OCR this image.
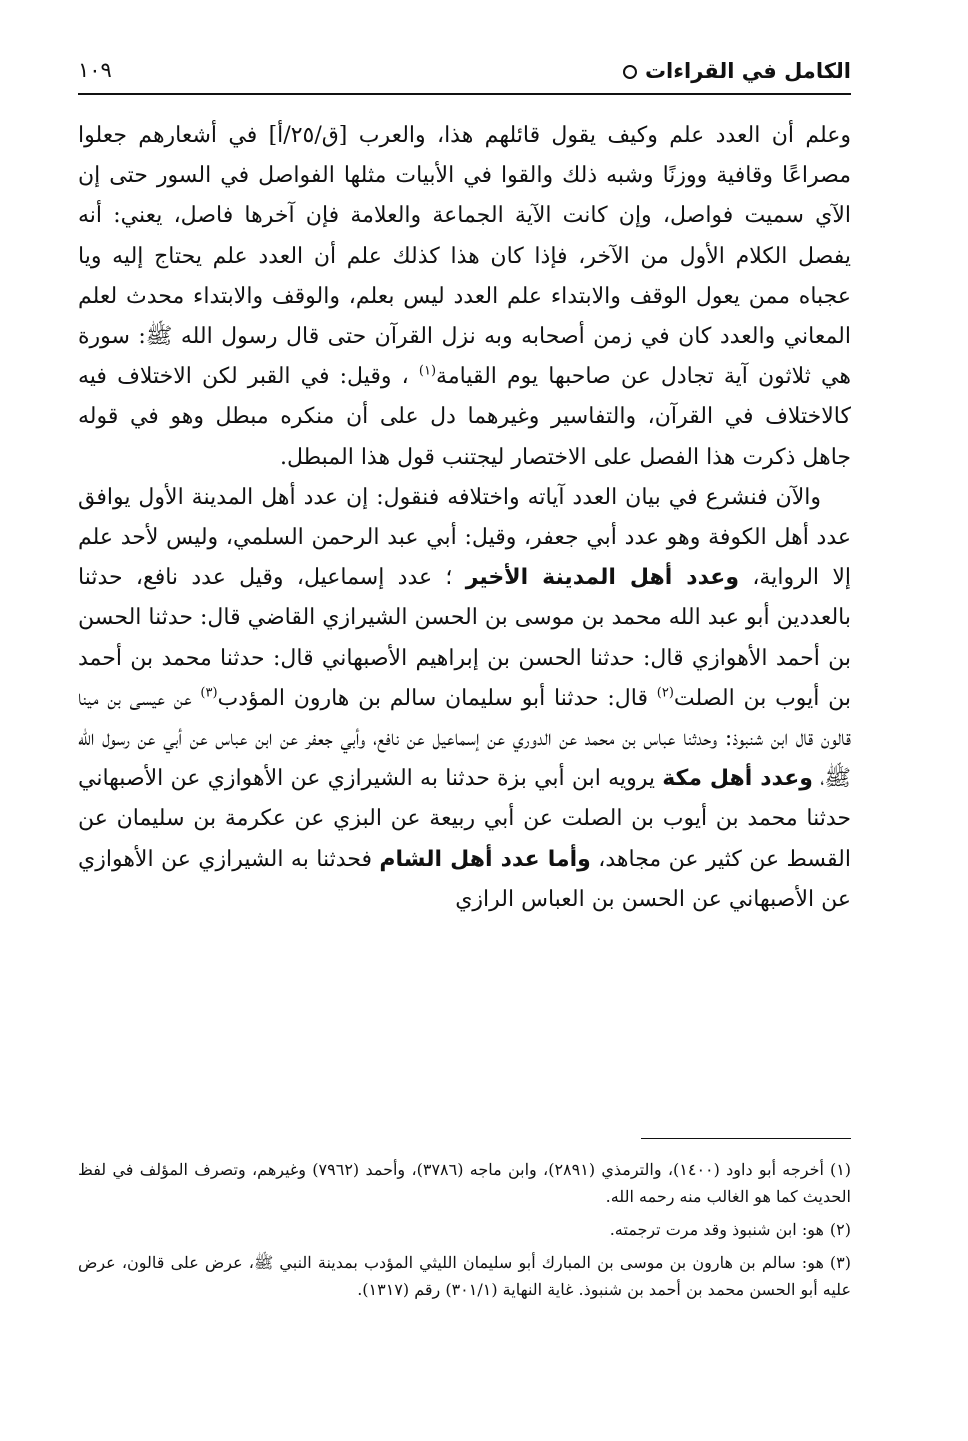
الكامل في القراءات
١٠٩

وعلم أن العدد علم وكيف يقول قائلهم هذا، والعرب [ق/٢٥/أ] في أشعارهم جعلوا مصراعًا وقافية ووزنًا وشبه ذلك والقوا في الأبيات مثلها الفواصل في السور حتى إن الآي سميت فواصل، وإن كانت الآية الجماعة والعلامة فإن آخرها فاصل، يعني: أنه يفصل الكلام الأول من الآخر، فإذا كان هذا كذلك علم أن العدد علم يحتاج إليه ويا عجباه ممن يعول الوقف والابتداء علم العدد ليس بعلم، والوقف والابتداء محدث لعلم المعاني والعدد كان في زمن أصحابه وبه نزل القرآن حتى قال رسول الله ﷺ: سورة هي ثلاثون آية تجادل عن صاحبها يوم القيامة$^{(١)}$ ، وقيل: في القبر لكن الاختلاف فيه كالاختلاف في القرآن، والتفاسير وغيرهما دل على أن منكره مبطل وهو في قوله جاهل ذكرت هذا الفصل على الاختصار ليجتنب قول هذا المبطل.

والآن فنشرع في بيان العدد آياته واختلافه فنقول: إن عدد أهل المدينة الأول يوافق عدد أهل الكوفة وهو عدد أبي جعفر، وقيل: أبي عبد الرحمن السلمي، وليس لأحد علم إلا الرواية، وعدد أهل المدينة الأخير ؛ عدد إسماعيل، وقيل عدد نافع، حدثنا بالعددين أبو عبد الله محمد بن موسى بن الحسن الشيرازي القاضي قال: حدثنا الحسن بن أحمد الأهوازي قال: حدثنا الحسن بن إبراهيم الأصبهاني قال: حدثنا محمد بن أحمد بن أيوب بن الصلت$^{(٢)}$ قال: حدثنا أبو سليمان سالم بن هارون المؤدب$^{(٣)}$ عن عيسى بن مينا قالون قال ابن شنبوذ: وحدثنا عباس بن محمد عن الدوري عن إسماعيل عن نافع، وأبي جعفر عن ابن عباس عن أبي عن رسول الله ﷺ، وعدد أهل مكة يرويه ابن أبي بزة حدثنا به الشيرازي عن الأهوازي عن الأصبهاني حدثنا محمد بن أيوب بن الصلت عن أبي ربيعة عن البزي عن عكرمة بن سليمان عن القسط عن كثير عن مجاهد، وأما عدد أهل الشام فحدثنا به الشيرازي عن الأهوازي عن الأصبهاني عن الحسن بن العباس الرازي

(١)أخرجه أبو داود (١٤٠٠)، والترمذي (٢٨٩١)، وابن ماجه (٣٧٨٦)، وأحمد (٧٩٦٢) وغيرهم، وتصرف المؤلف في لفظ الحديث كما هو الغالب منه رحمه الله.

(٢)هو: ابن شنبوذ وقد مرت ترجمته.

(٣)هو: سالم بن هارون بن موسى بن المبارك أبو سليمان الليثي المؤدب بمدينة النبي ﷺ، عرض على قالون، عرض عليه أبو الحسن محمد بن أحمد بن شنبوذ. غاية النهاية (٣٠١/١) رقم (١٣١٧).
